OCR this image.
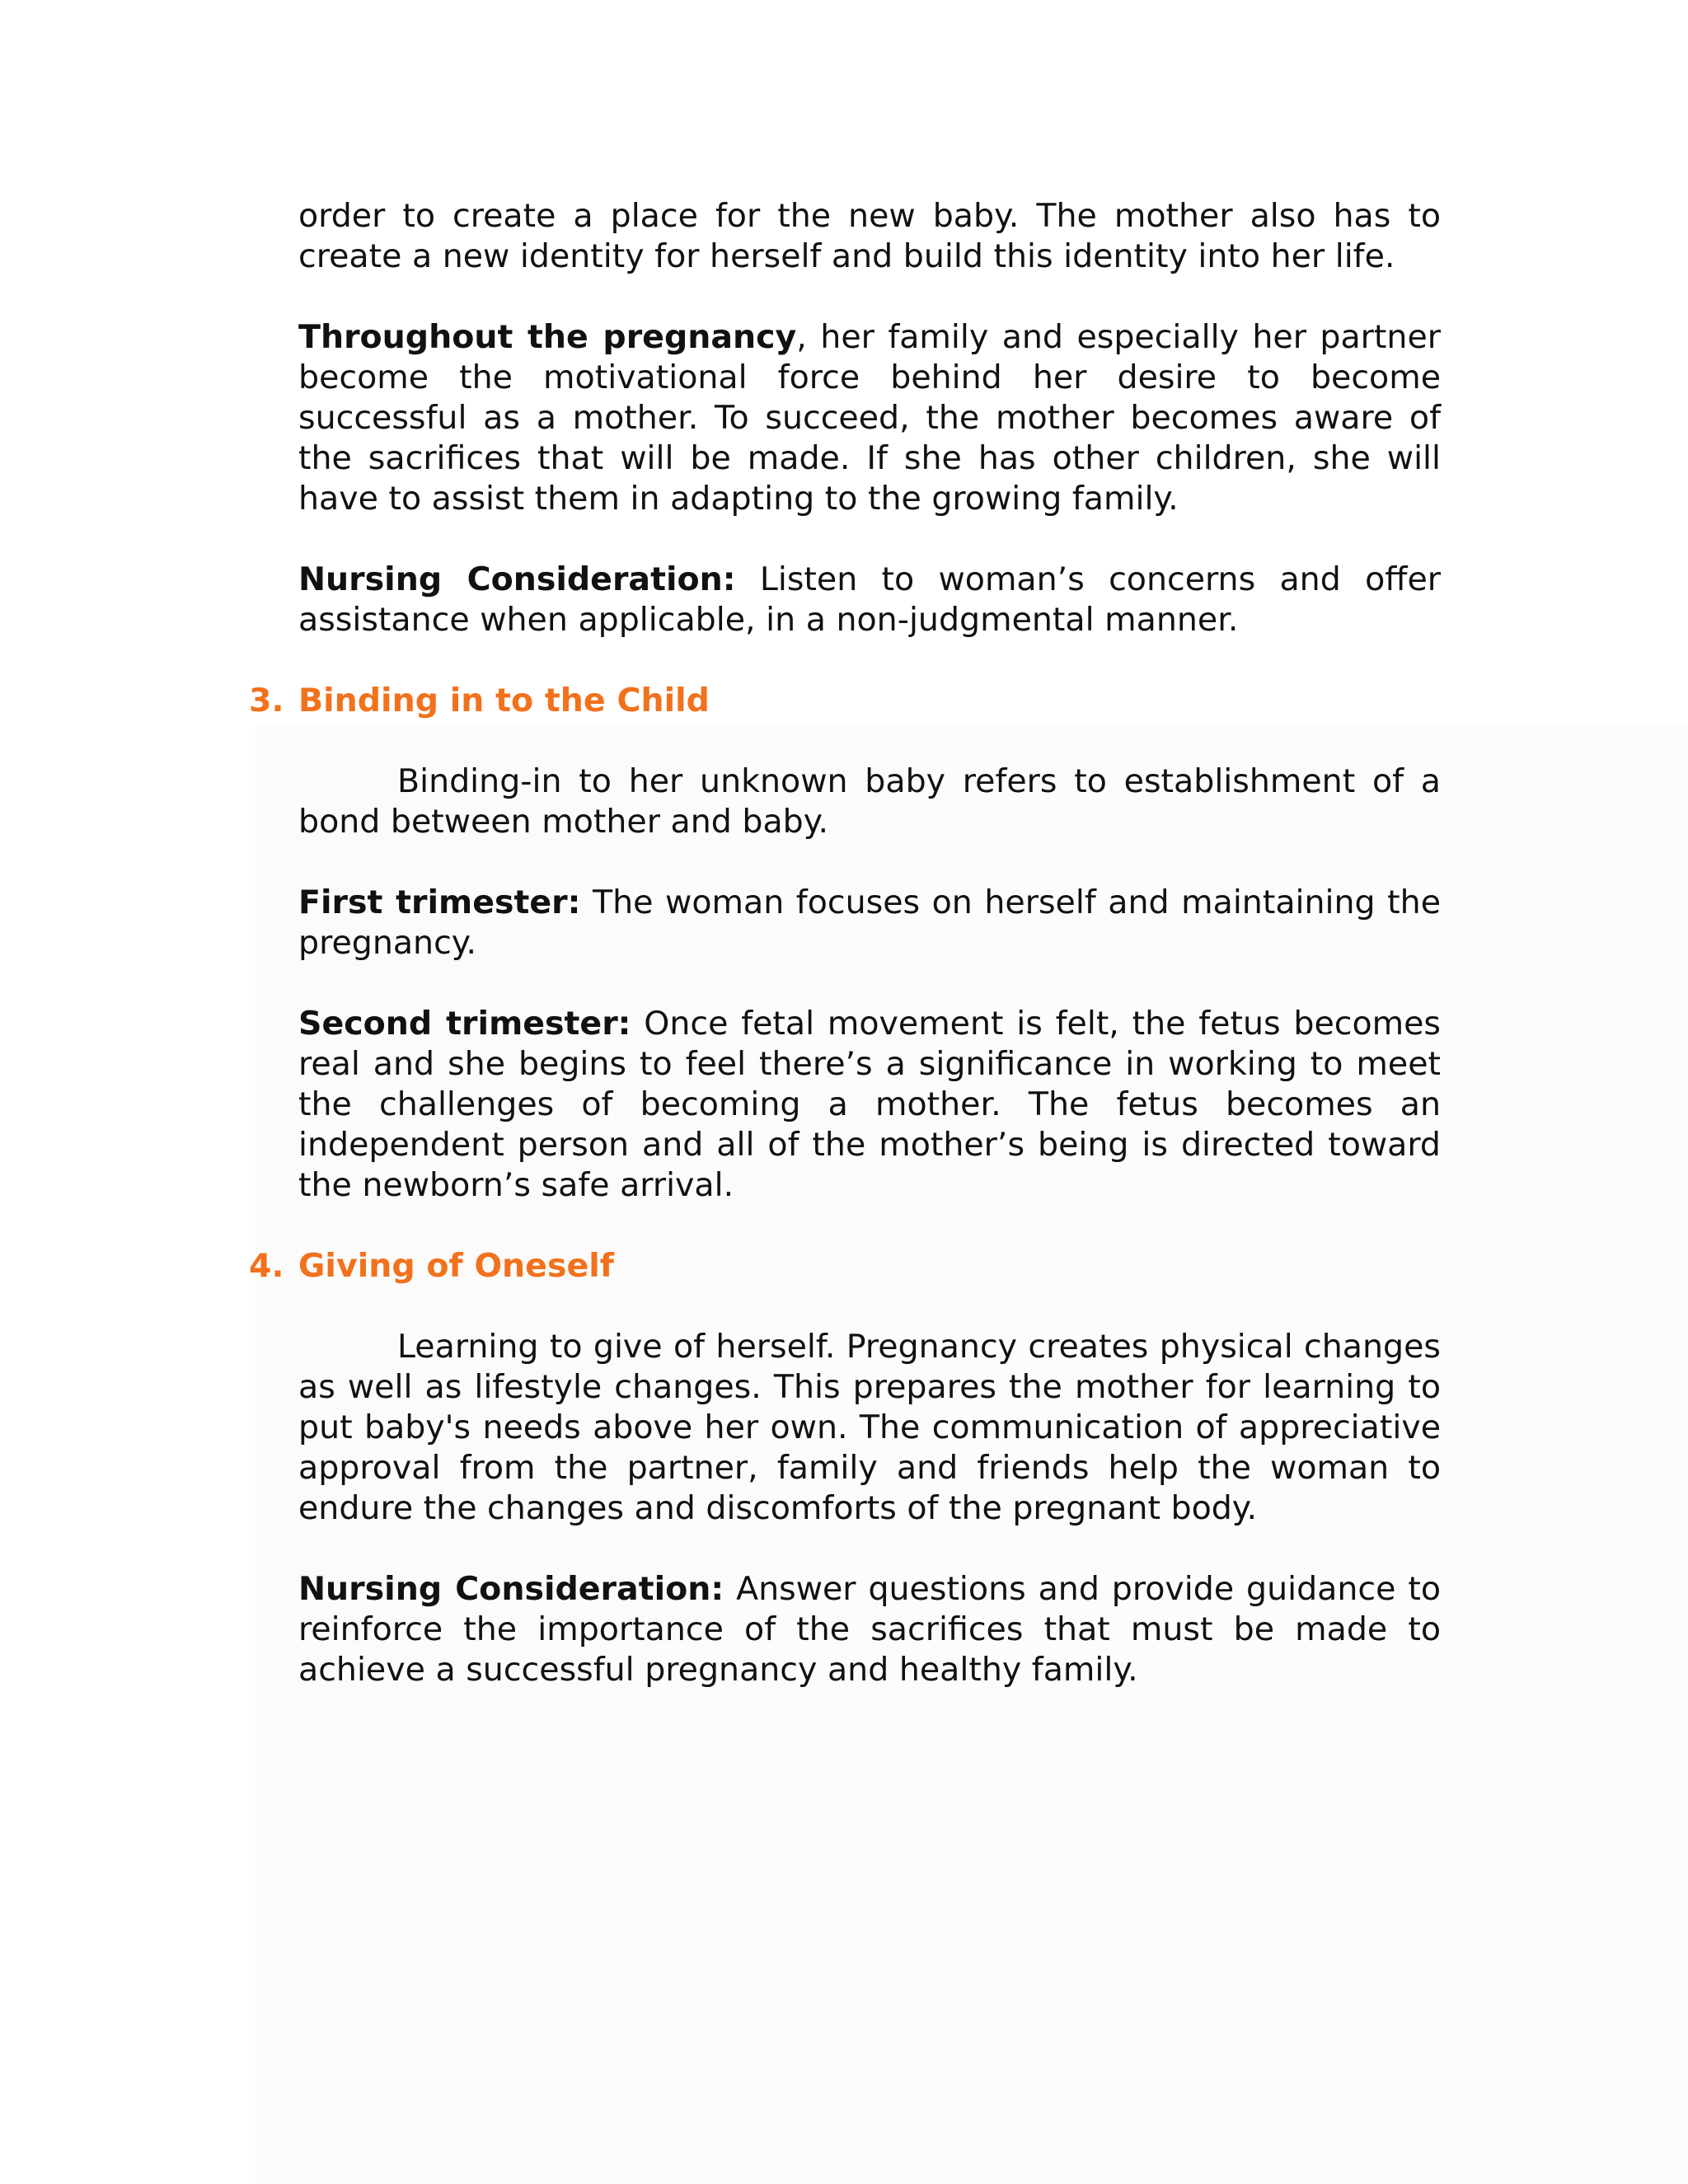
order to create a place for the new baby. The mother also has to create a new identity for herself and build this identity into her life.

Throughout the pregnancy, her family and especially her partner become the motivational force behind her desire to become successful as a mother. To succeed, the mother becomes aware of the sacrifices that will be made. If she has other children, she will have to assist them in adapting to the growing family.

Nursing Consideration: Listen to woman’s concerns and offer assistance when applicable, in a non-judgmental manner.

3. Binding in to the Child

Binding-in to her unknown baby refers to establishment of a bond between mother and baby.

First trimester: The woman focuses on herself and maintaining the pregnancy.

Second trimester: Once fetal movement is felt, the fetus becomes real and she begins to feel there’s a significance in working to meet the challenges of becoming a mother. The fetus becomes an independent person and all of the mother’s being is directed toward the newborn’s safe arrival.

4. Giving of Oneself

Learning to give of herself. Pregnancy creates physical changes as well as lifestyle changes. This prepares the mother for learning to put baby's needs above her own. The communication of appreciative approval from the partner, family and friends help the woman to endure the changes and discomforts of the pregnant body.

Nursing Consideration: Answer questions and provide guidance to reinforce the importance of the sacrifices that must be made to achieve a successful pregnancy and healthy family.
